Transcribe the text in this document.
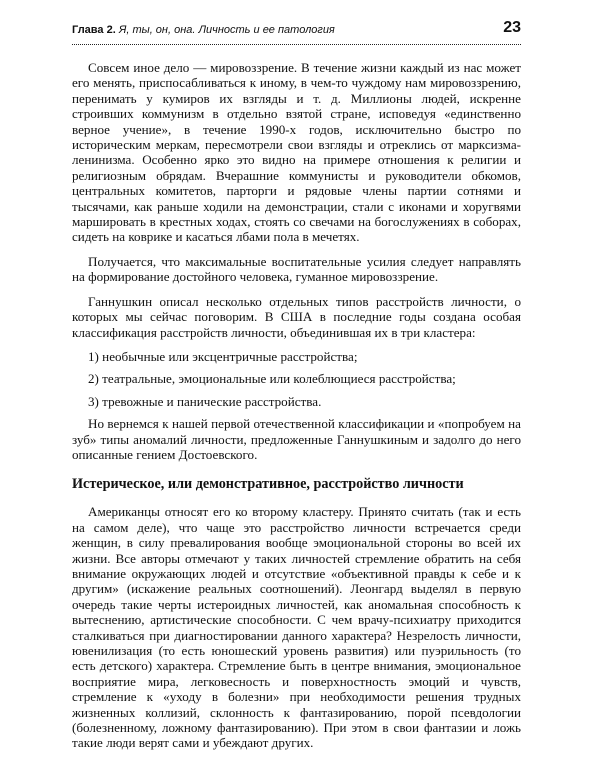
Глава 2. Я, ты, он, она. Личность и ее патология	23

Совсем иное дело — мировоззрение. В течение жизни каждый из нас может его менять, приспосабливаться к иному, в чем-то чуждому нам мировоззрению, перенимать у кумиров их взгляды и т. д. Миллионы людей, искренне строивших коммунизм в отдельно взятой стране, исповедуя «единственно верное учение», в течение 1990-х годов, исключительно быстро по историческим меркам, пересмотрели свои взгляды и отреклись от марксизма-ленинизма. Особенно ярко это видно на примере отношения к религии и религиозным обрядам. Вчерашние коммунисты и руководители обкомов, центральных комитетов, парторги и рядовые члены партии сотнями и тысячами, как раньше ходили на демонстрации, стали с иконами и хоругвями маршировать в крестных ходах, стоять со свечами на богослужениях в соборах, сидеть на коврике и касаться лбами пола в мечетях.

Получается, что максимальные воспитательные усилия следует направлять на формирование достойного человека, гуманное мировоззрение.

Ганнушкин описал несколько отдельных типов расстройств личности, о которых мы сейчас поговорим. В США в последние годы создана особая классификация расстройств личности, объединившая их в три кластера:

1) необычные или эксцентричные расстройства;

2) театральные, эмоциональные или колеблющиеся расстройства;

3) тревожные и панические расстройства.

Но вернемся к нашей первой отечественной классификации и «попробуем на зуб» типы аномалий личности, предложенные Ганнушкиным и задолго до него описанные гением Достоевского.

Истерическое, или демонстративное, расстройство личности

Американцы относят его ко второму кластеру. Принято считать (так и есть на самом деле), что чаще это расстройство личности встречается среди женщин, в силу превалирования вообще эмоциональной стороны во всей их жизни. Все авторы отмечают у таких личностей стремление обратить на себя внимание окружающих людей и отсутствие «объективной правды к себе и к другим» (искажение реальных соотношений). Леонгард выделял в первую очередь такие черты истероидных личностей, как аномальная способность к вытеснению, артистические способности. С чем врачу-психиатру приходится сталкиваться при диагностировании данного характера? Незрелость личности, ювенилизация (то есть юношеский уровень развития) или пуэрильность (то есть детского) характера. Стремление быть в центре внимания, эмоциональное восприятие мира, легковесность и поверхностность эмоций и чувств, стремление к «уходу в болезни» при необходимости решения трудных жизненных коллизий, склонность к фантазированию, порой псевдологии (болезненному, ложному фантазированию). При этом в свои фантазии и ложь такие люди верят сами и убеждают других.
